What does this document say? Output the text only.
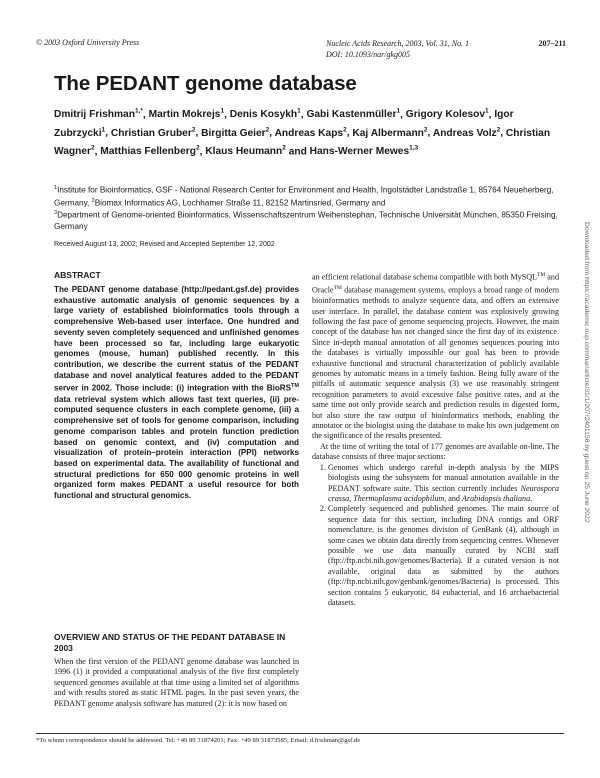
© 2003 Oxford University Press	Nucleic Acids Research, 2003, Vol. 31, No. 1
DOI: 10.1093/nar/gkg005
207–211
The PEDANT genome database
Dmitrij Frishman$^{1,*}$, Martin Mokrejs$^1$, Denis Kosykh$^1$, Gabi Kastenmüller$^1$, Grigory Kolesov$^1$, Igor Zubrzycki$^1$, Christian Gruber$^2$, Birgitta Geier$^2$, Andreas Kaps$^2$, Kaj Albermann$^2$, Andreas Volz$^2$, Christian Wagner$^2$, Matthias Fellenberg$^2$, Klaus Heumann$^2$ and Hans-Werner Mewes$^{1,3}$

$^1$Institute for Bioinformatics, GSF - National Research Center for Environment and Health, Ingolstädter Landstraße 1, 85764 Neueherberg, Germany, $^2$Biomax Informatics AG, Lochhamer Straße 11, 82152 Martinsried, Germany and

$^3$Department of Genome-oriented Bioinformatics, Wissenschaftszentrum Weihenstephan, Technische Universität München, 85350 Freising, Germany

Received August 13, 2002; Revised and Accepted September 12, 2002
ABSTRACT

The PEDANT genome database (http://pedant.gsf.de) provides exhaustive automatic analysis of genomic sequences by a large variety of established bioinformatics tools through a comprehensive Web-based user interface. One hundred and seventy seven completely sequenced and unfinished genomes have been processed so far, including large eukaryotic genomes (mouse, human) published recently. In this contribution, we describe the current status of the PEDANT database and novel analytical features added to the PEDANT server in 2002. Those include: (i) integration with the BioRS™ data retrieval system which allows fast text queries, (ii) pre-computed sequence clusters in each complete genome, (iii) a comprehensive set of tools for genome comparison, including genome comparison tables and protein function prediction based on genomic context, and (iv) computation and visualization of protein–protein interaction (PPI) networks based on experimental data. The availability of functional and structural predictions for 650 000 genomic proteins in well organized form makes PEDANT a useful resource for both functional and structural genomics.

OVERVIEW AND STATUS OF THE PEDANT DATABASE IN 2003

When the first version of the PEDANT genome database was launched in 1996 (1) it provided a computational analysis of the five first completely sequenced genomes available at that time using a limited set of algorithms and with results stored as static HTML pages. In the past seven years, the PEDANT genome analysis software has matured (2): it is now based on

an efficient relational database schema compatible with both MySQL™ and Oracle™ database management systems, employs a broad range of modern bioinformatics methods to analyze sequence data, and offers an extensive user interface. In parallel, the database content was explosively growing following the fast pace of genome sequencing projects. However, the main concept of the database has not changed since the first day of its existence. Since in-depth manual annotation of all genomes sequences pouring into the databases is virtually impossible our goal has been to provide exhaustive functional and structural characterization of publicly available genomes by automatic means in a timely fashion. Being fully aware of the pitfalls of automatic sequence analysis (3) we use reasonably stringent recognition parameters to avoid excessive false positive rates, and at the same time not only provide search and prediction results in digested form, but also store the raw output of bioinformatics methods, enabling the annotator or the biologist using the database to make his own judgement on the significance of the results presented.

At the time of writing the total of 177 genomes are available on-line. The database consists of three major sections:

1. Genomes which undergo careful in-depth analysis by the MIPS biologists using the subsystem for manual annotation available in the PEDANT software suite. This section currently includes Neurospora crassa, Thermoplasma acidophilum, and Arabidopsis thaliana.
2. Completely sequenced and published genomes. The main source of sequence data for this section, including DNA contigs and ORF nomenclature, is the genomes division of GenBank (4), although in some cases we obtain data directly from sequencing centres. Whenever possible we use data manually curated by NCBI staff (ftp://ftp.ncbi.nih.gov/genomes/Bacteria). If a curated version is not available, original data as submitted by the authors (ftp://ftp.ncbi.nih.gov/genbank/genomes/Bacteria) is processed. This section contains 5 eukaryotic, 84 eubacterial, and 16 archaebacterial datasets.
*To whom correspondence should be addressed. Tel: +49 89 31874201; Fax: +49 89 31873585; Email: d.frishman@gsf.de
Downloaded from https://academic.oup.com/nar/article/31/1/207/2401158 by guest on 25 June 2022
